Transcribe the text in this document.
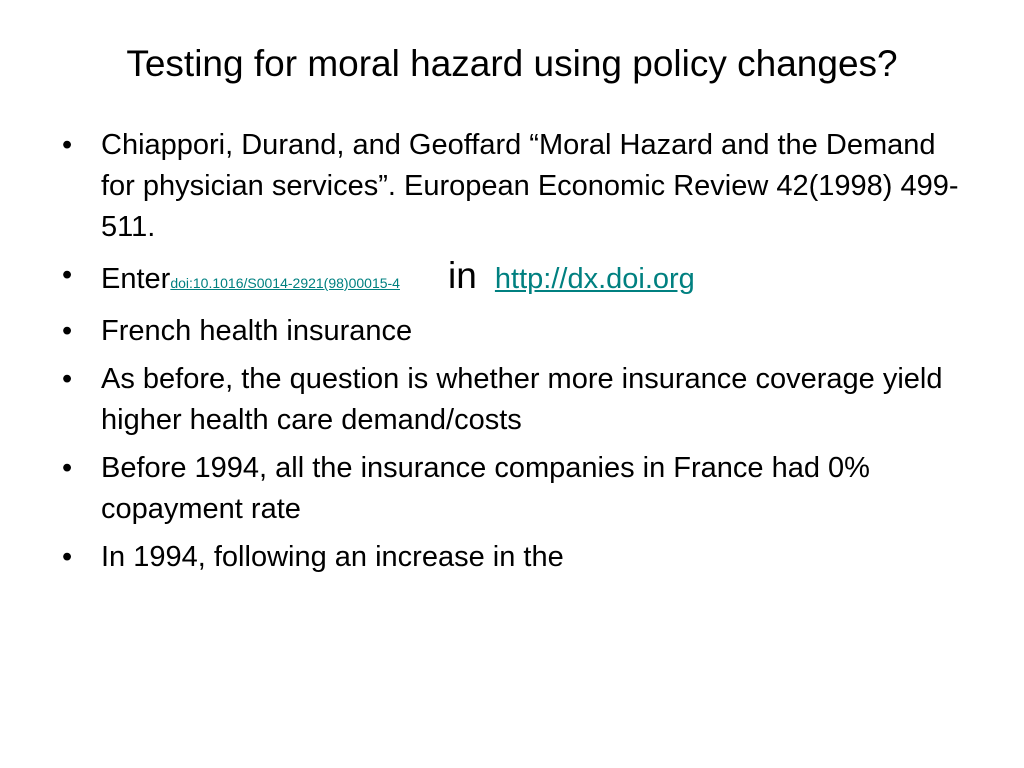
Testing for moral hazard using policy changes?
• Chiappori, Durand, and Geoffard “Moral Hazard and the Demand for physician services”. European Economic Review 42(1998) 499-511.
• Enterdoi:10.1016/S0014-2921(98)00015-4 in http://dx.doi.org
• French health insurance
• As before, the question is whether more insurance coverage yield higher health care demand/costs
• Before 1994, all the insurance companies in France had 0% copayment rate
• In 1994, following an increase in the
